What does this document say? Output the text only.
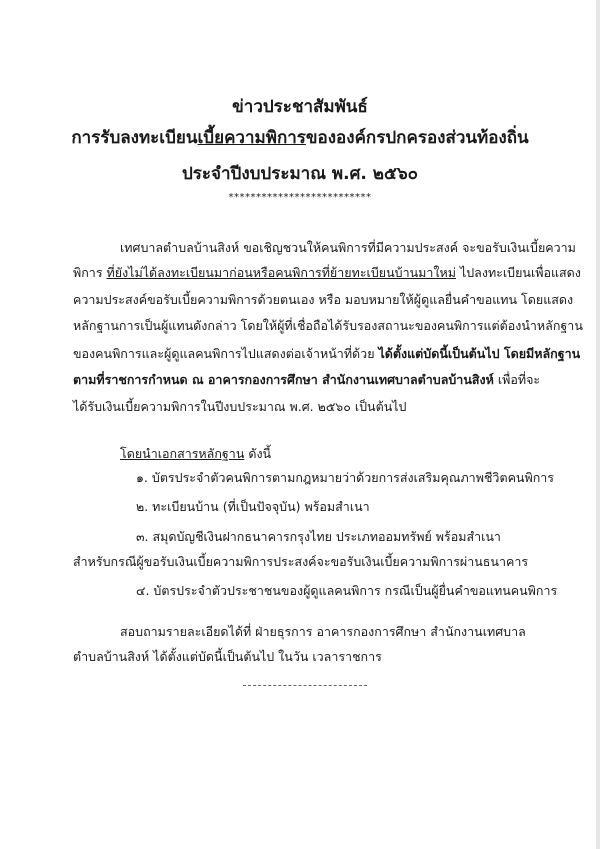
ข่าวประชาสัมพันธ์
การรับลงทะเบียนเบี้ยความพิการขององค์กรปกครองส่วนท้องถิ่น
ประจำปีงบประมาณ พ.ศ. ๒๕๖๐
**************************
เทศบาลตำบลบ้านสิงห์ ขอเชิญชวนให้คนพิการที่มีความประสงค์ จะขอรับเงินเบี้ยความ
พิการ ที่ยังไม่ได้ลงทะเบียนมาก่อนหรือคนพิการที่ย้ายทะเบียนบ้านมาใหม่ ไปลงทะเบียนเพื่อแสดง
ความประสงค์ขอรับเบี้ยความพิการด้วยตนเอง หรือ มอบหมายให้ผู้ดูแลยื่นคำขอแทน โดยแสดง
หลักฐานการเป็นผู้แทนดังกล่าว โดยให้ผู้ที่เชื่อถือได้รับรองสถานะของคนพิการแต่ต้องนำหลักฐาน
ของคนพิการและผู้ดูแลคนพิการไปแสดงต่อเจ้าหน้าที่ด้วย ได้ตั้งแต่บัดนี้เป็นต้นไป โดยมีหลักฐาน
ตามที่ราชการกำหนด ณ อาคารกองการศึกษา สำนักงานเทศบาลตำบลบ้านสิงห์ เพื่อที่จะ
ได้รับเงินเบี้ยความพิการในปีงบประมาณ พ.ศ. ๒๕๖๐ เป็นต้นไป
โดยนำเอกสารหลักฐาน ดังนี้
๑. บัตรประจำตัวคนพิการตามกฎหมายว่าด้วยการส่งเสริมคุณภาพชีวิตคนพิการ
๒. ทะเบียนบ้าน (ที่เป็นปัจจุบัน) พร้อมสำเนา
๓. สมุดบัญชีเงินฝากธนาคารกรุงไทย ประเภทออมทรัพย์ พร้อมสำเนา
สำหรับกรณีผู้ขอรับเงินเบี้ยความพิการประสงค์จะขอรับเงินเบี้ยความพิการผ่านธนาคาร
๔. บัตรประจำตัวประชาชนของผู้ดูแลคนพิการ กรณีเป็นผู้ยื่นคำขอแทนคนพิการ
สอบถามรายละเอียดได้ที่ ฝ่ายธุรการ อาคารกองการศึกษา สำนักงานเทศบาล
ตำบลบ้านสิงห์ ได้ตั้งแต่บัดนี้เป็นต้นไป ในวัน เวลาราชการ
